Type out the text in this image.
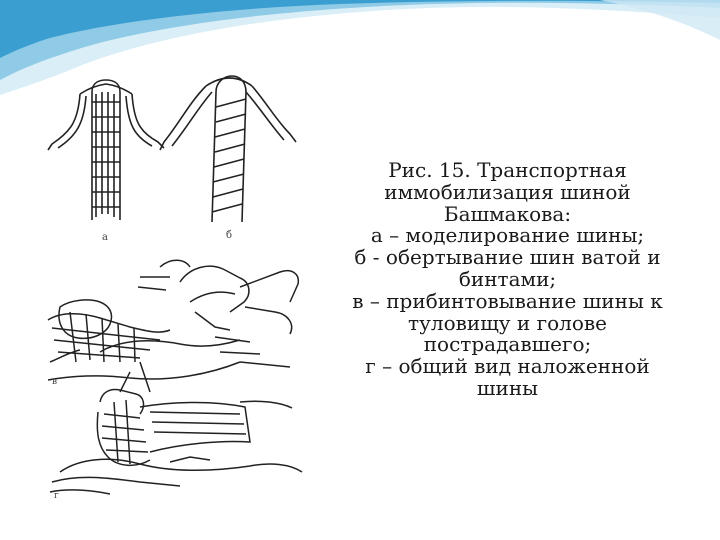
а	б
в
г
Рис. 15. Транспортная
иммобилизация шиной
Башмакова:
а – моделирование шины;
б - обертывание шин ватой и
бинтами;
в – прибинтовывание шины к
туловищу и голове
пострадавшего;
г – общий вид наложенной
шины
